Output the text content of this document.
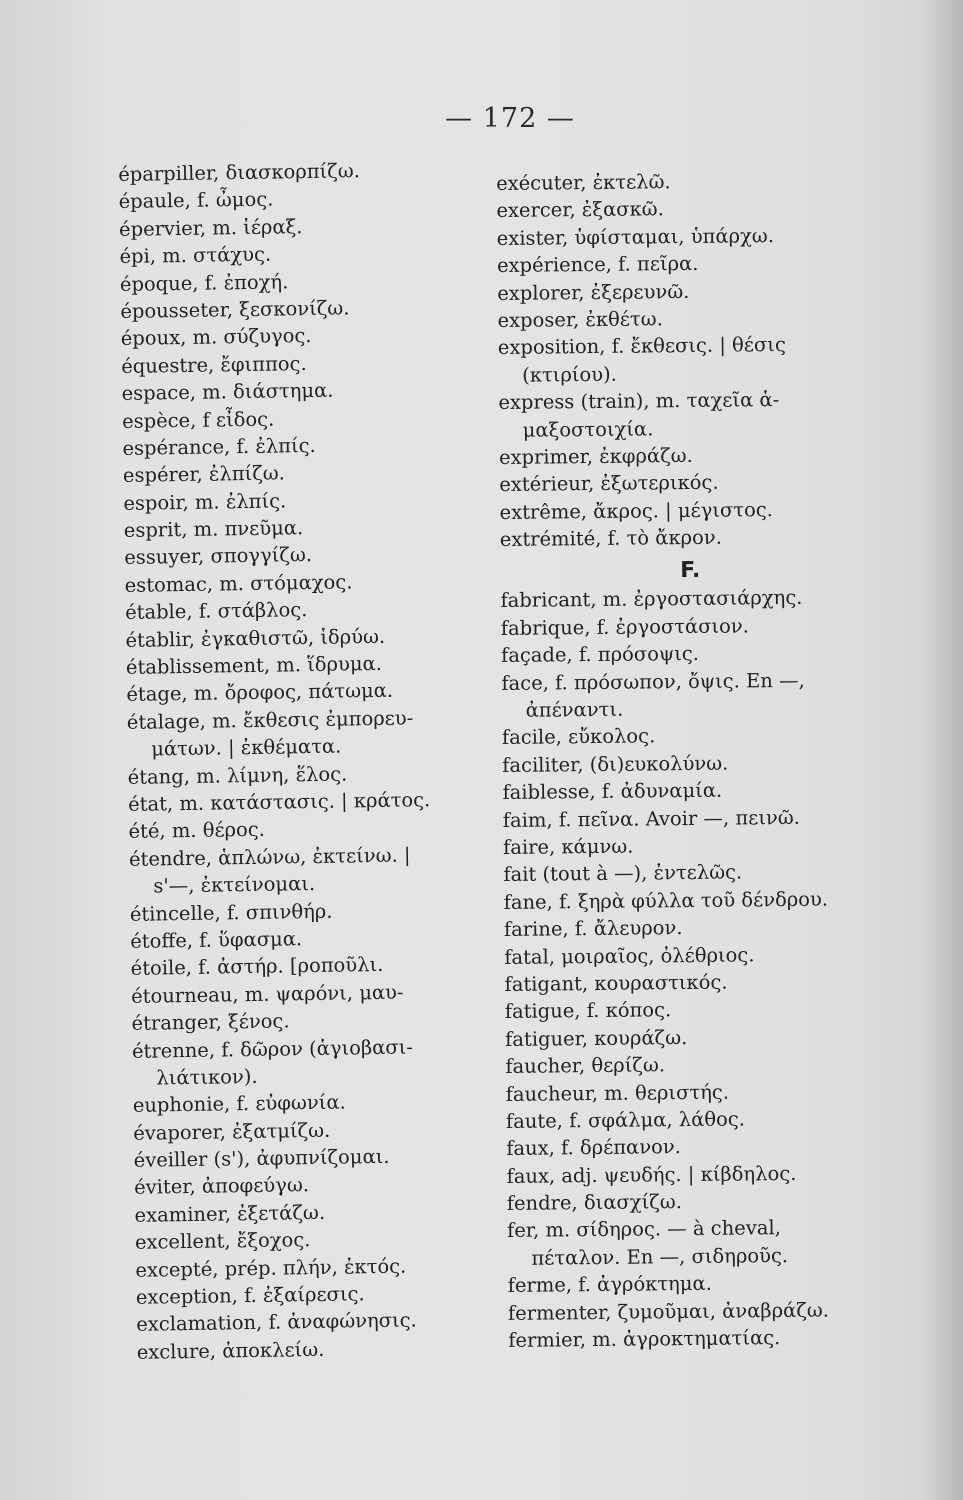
— 172 —
éparpiller, διασκορπίζω.
épaule, f. ὦμος.
épervier, m. ἱέραξ.
épi, m. στάχυς.
époque, f. ἐποχή.
épousseter, ξεσκονίζω.
époux, m. σύζυγος.
équestre, ἔφιππος.
espace, m. διάστημα.
espèce, f εἶδος.
espérance, f. ἐλπίς.
espérer, ἐλπίζω.
espoir, m. ἐλπίς.
esprit, m. πνεῦμα.
essuyer, σπογγίζω.
estomac, m. στόμαχος.
étable, f. στάβλος.
établir, ἐγκαθιστῶ, ἱδρύω.
établissement, m. ἵδρυμα.
étage, m. ὄροφος, πάτωμα.
étalage, m. ἔκθεσις ἐμπορευ-
μάτων. | ἐκθέματα.
étang, m. λίμνη, ἕλος.
état, m. κατάστασις. | κράτος.
été, m. θέρος.
étendre, ἁπλώνω, ἐκτείνω. |
s'—, ἐκτείνομαι.
étincelle, f. σπινθήρ.
étoffe, f. ὕφασμα.
étoile, f. ἀστήρ. [ροποῦλι.
étourneau, m. ψαρόνι, μαυ-
étranger, ξένος.
étrenne, f. δῶρον (ἁγιοβασι-
λιάτικον).
euphonie, f. εὐφωνία.
évaporer, ἐξατμίζω.
éveiller (s'), ἀφυπνίζομαι.
éviter, ἀποφεύγω.
examiner, ἐξετάζω.
excellent, ἔξοχος.
excepté, prép. πλήν, ἐκτός.
exception, f. ἐξαίρεσις.
exclamation, f. ἀναφώνησις.
exclure, ἀποκλείω.
exécuter, ἐκτελῶ.
exercer, ἐξασκῶ.
exister, ὑφίσταμαι, ὑπάρχω.
expérience, f. πεῖρα.
explorer, ἐξερευνῶ.
exposer, ἐκθέτω.
exposition, f. ἔκθεσις. | θέσις
(κτιρίου).
express (train), m. ταχεῖα ἁ-
μαξοστοιχία.
exprimer, ἐκφράζω.
extérieur, ἐξωτερικός.
extrême, ἄκρος. | μέγιστος.
extrémité, f. τὸ ἄκρον.
F.
fabricant, m. ἐργοστασιάρχης.
fabrique, f. ἐργοστάσιον.
façade, f. πρόσοψις.
face, f. πρόσωπον, ὄψις. En —,
ἀπέναντι.
facile, εὔκολος.
faciliter, (δι)ευκολύνω.
faiblesse, f. ἀδυναμία.
faim, f. πεῖνα. Avoir —, πεινῶ.
faire, κάμνω.
fait (tout à —), ἐντελῶς.
fane, f. ξηρὰ φύλλα τοῦ δένδρου.
farine, f. ἄλευρον.
fatal, μοιραῖος, ὀλέθριος.
fatigant, κουραστικός.
fatigue, f. κόπος.
fatiguer, κουράζω.
faucher, θερίζω.
faucheur, m. θεριστής.
faute, f. σφάλμα, λάθος.
faux, f. δρέπανον.
faux, adj. ψευδής. | κίβδηλος.
fendre, διασχίζω.
fer, m. σίδηρος. — à cheval,
πέταλον. En —, σιδηροῦς.
ferme, f. ἀγρόκτημα.
fermenter, ζυμοῦμαι, ἀναβράζω.
fermier, m. ἀγροκτηματίας.
